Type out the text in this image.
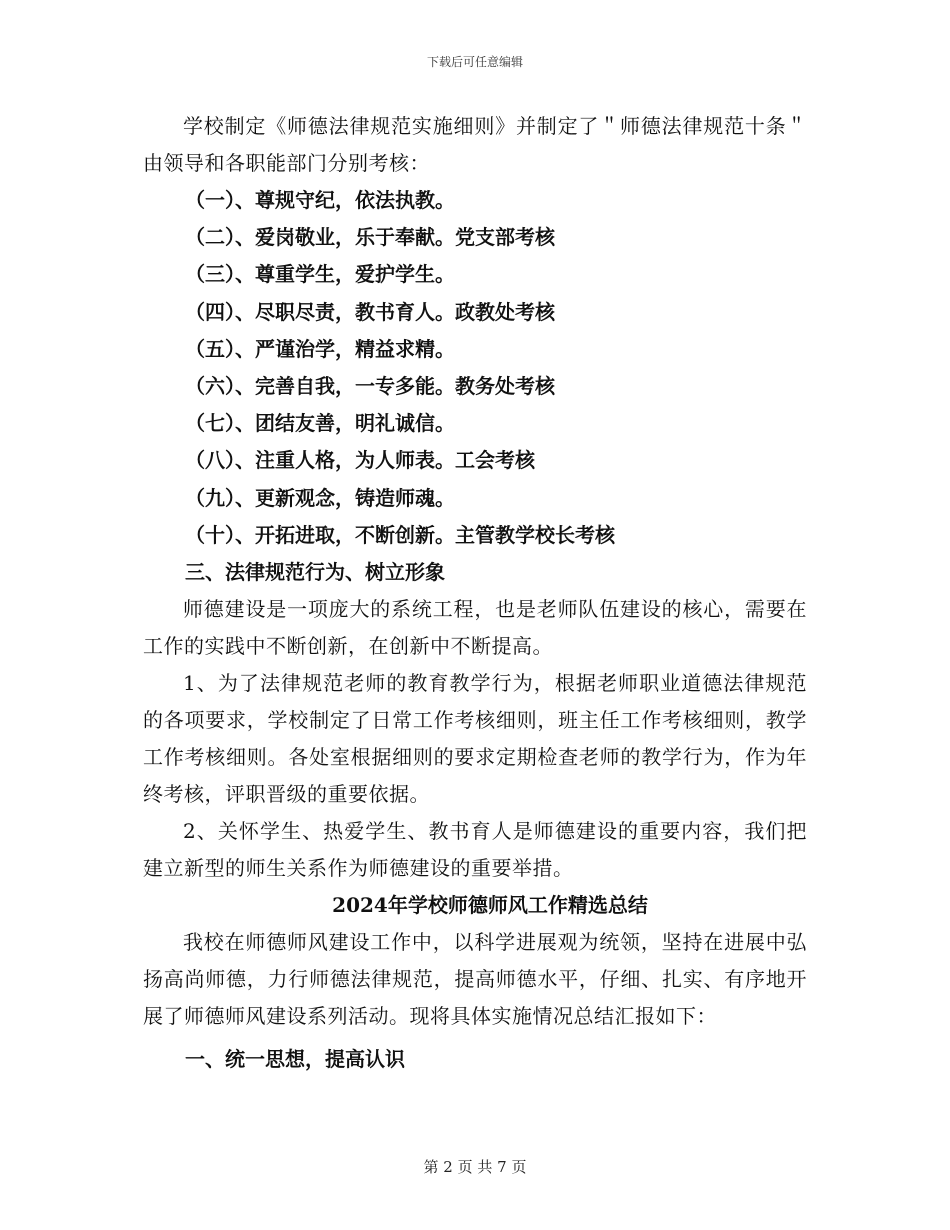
下载后可任意编辑

学校制定《师德法律规范实施细则》并制定了＂师德法律规范十条＂由领导和各职能部门分别考核：

（一）、尊规守纪，依法执教。

（二）、爱岗敬业，乐于奉献。党支部考核

（三）、尊重学生，爱护学生。

（四）、尽职尽责，教书育人。政教处考核

（五）、严谨治学，精益求精。

（六）、完善自我，一专多能。教务处考核

（七）、团结友善，明礼诚信。

（八）、注重人格，为人师表。工会考核

（九）、更新观念，铸造师魂。

（十）、开拓进取，不断创新。主管教学校长考核

三、法律规范行为、树立形象

师德建设是一项庞大的系统工程，也是老师队伍建设的核心，需要在工作的实践中不断创新，在创新中不断提高。

1、为了法律规范老师的教育教学行为，根据老师职业道德法律规范的各项要求，学校制定了日常工作考核细则，班主任工作考核细则，教学工作考核细则。各处室根据细则的要求定期检查老师的教学行为，作为年终考核，评职晋级的重要依据。

2、关怀学生、热爱学生、教书育人是师德建设的重要内容，我们把建立新型的师生关系作为师德建设的重要举措。

2024年学校师德师风工作精选总结

我校在师德师风建设工作中，以科学进展观为统领，坚持在进展中弘扬高尚师德，力行师德法律规范，提高师德水平，仔细、扎实、有序地开展了师德师风建设系列活动。现将具体实施情况总结汇报如下：

一、统一思想，提高认识

第 2 页 共 7 页
